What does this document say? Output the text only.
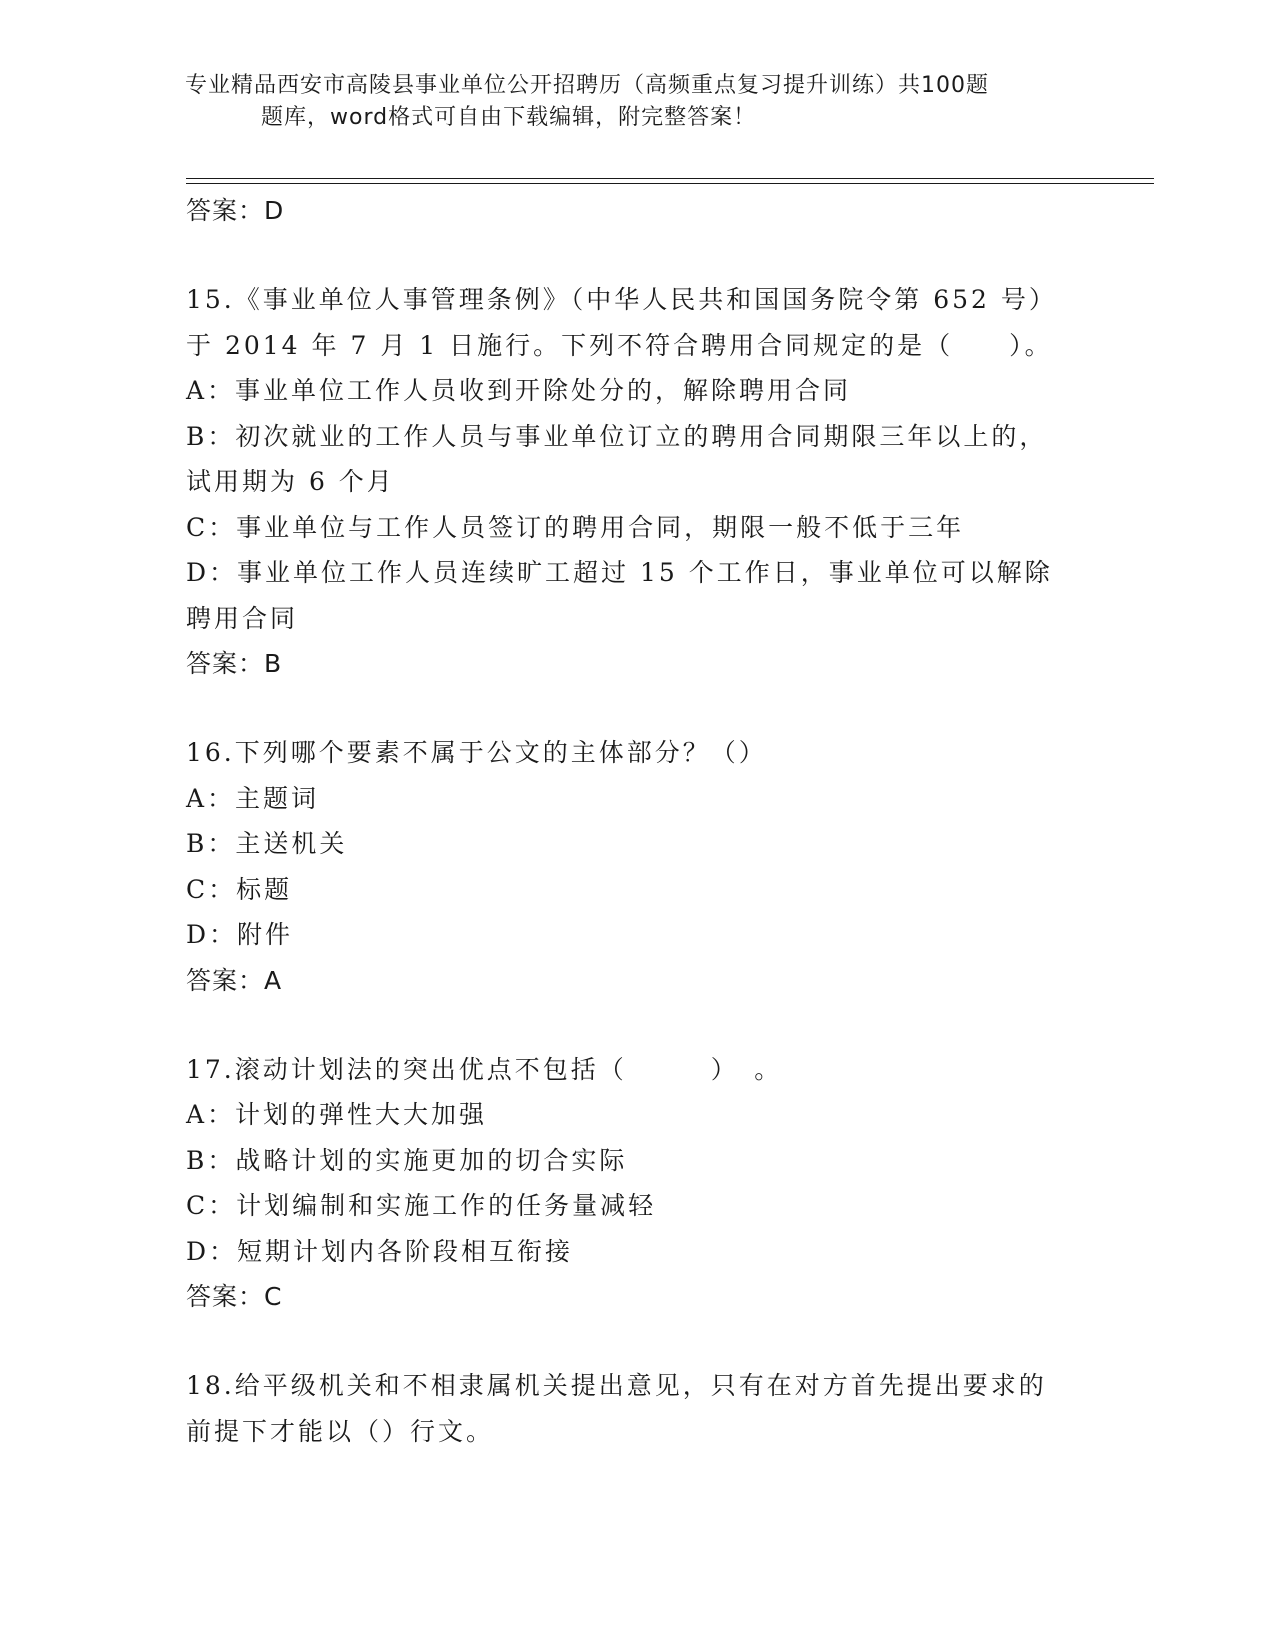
专业精品西安市高陵县事业单位公开招聘历（高频重点复习提升训练）共100题
题库，word格式可自由下载编辑，附完整答案！
答案：D
15.《事业单位人事管理条例》（中华人民共和国国务院令第 652 号）
于 2014 年 7 月 1 日施行。下列不符合聘用合同规定的是（　　）。
A：事业单位工作人员收到开除处分的，解除聘用合同
B：初次就业的工作人员与事业单位订立的聘用合同期限三年以上的，
试用期为 6 个月
C：事业单位与工作人员签订的聘用合同，期限一般不低于三年
D：事业单位工作人员连续旷工超过 15 个工作日，事业单位可以解除
聘用合同
答案：B
16.下列哪个要素不属于公文的主体部分？（）
A：主题词
B：主送机关
C：标题
D：附件
答案：A
17.滚动计划法的突出优点不包括（　　　）　。
A：计划的弹性大大加强
B：战略计划的实施更加的切合实际
C：计划编制和实施工作的任务量减轻
D：短期计划内各阶段相互衔接
答案：C
18.给平级机关和不相隶属机关提出意见，只有在对方首先提出要求的
前提下才能以（）行文。
